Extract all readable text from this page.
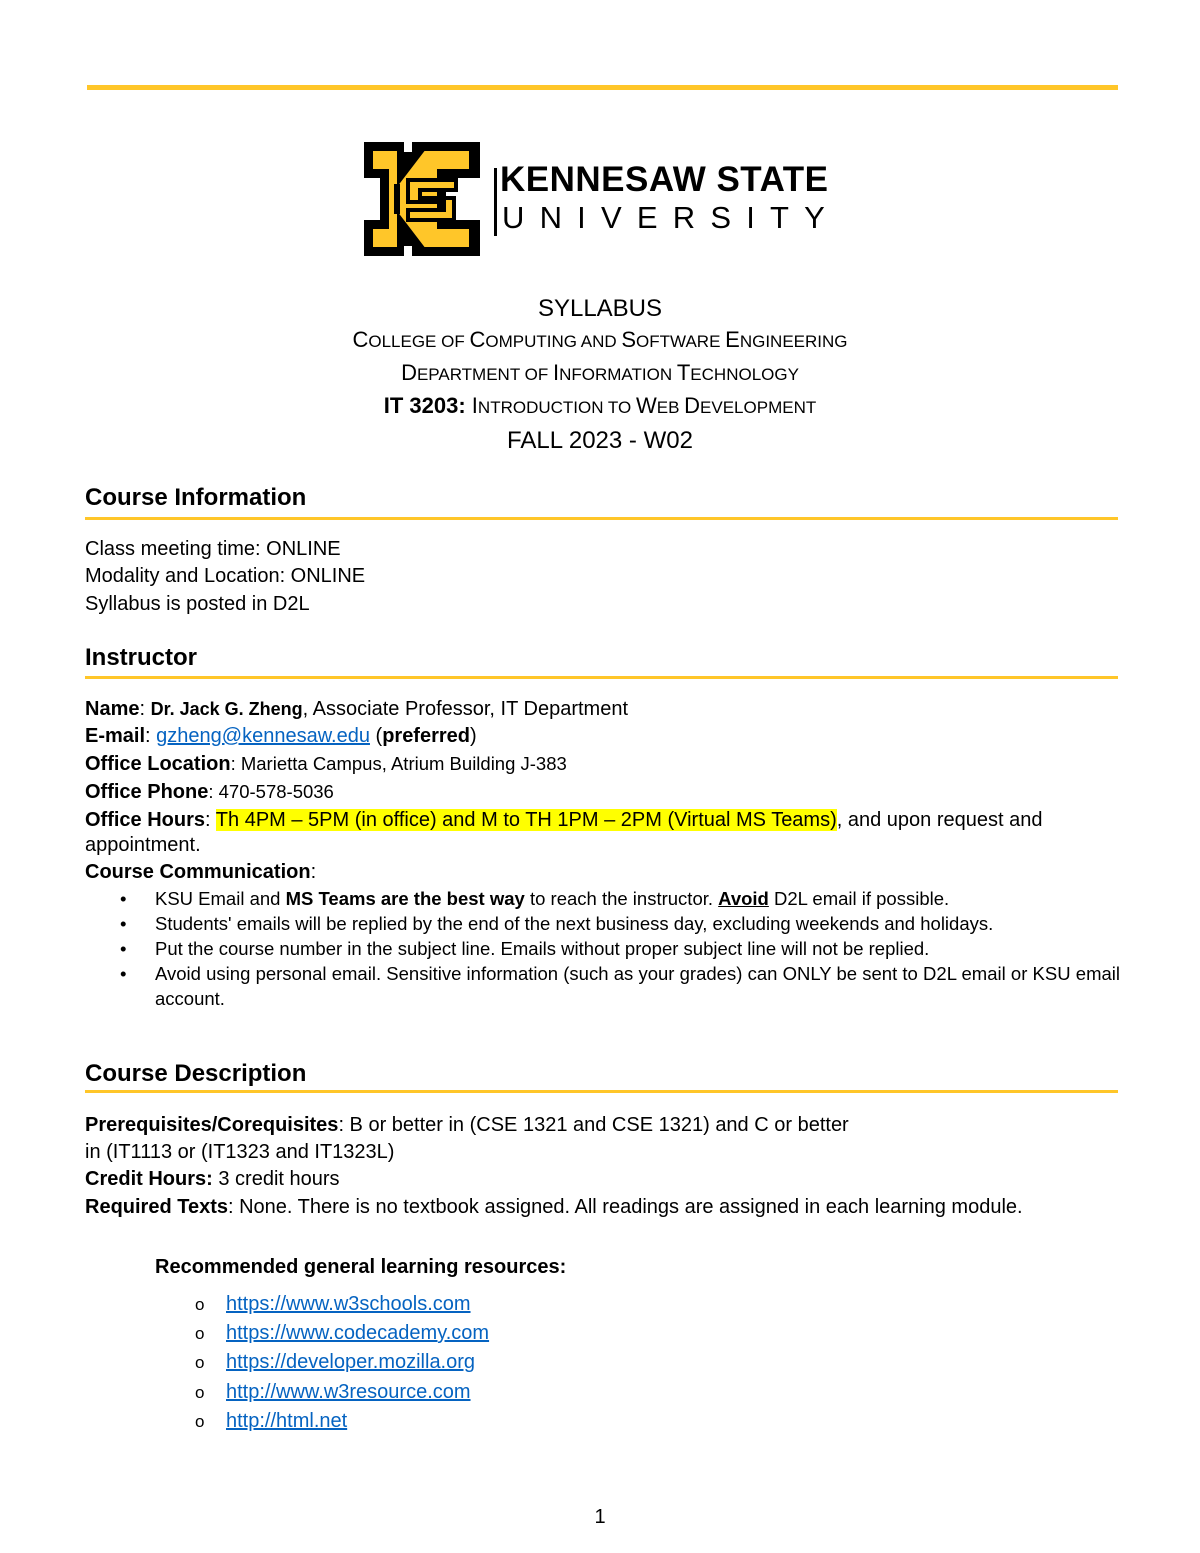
KENNESAW STATE
UNIVERSITY
SYLLABUS
COLLEGE OF COMPUTING AND SOFTWARE ENGINEERING
DEPARTMENT OF INFORMATION TECHNOLOGY
IT 3203: INTRODUCTION TO WEB DEVELOPMENT
FALL 2023 - W02
Course Information

Class meeting time: ONLINE

Modality and Location: ONLINE

Syllabus is posted in D2L

Instructor

Name: Dr. Jack G. Zheng, Associate Professor, IT Department

E-mail: gzheng@kennesaw.edu (preferred)

Office Location: Marietta Campus, Atrium Building J-383

Office Phone: 470-578-5036

Office Hours: Th 4PM – 5PM (in office) and M to TH 1PM – 2PM (Virtual MS Teams), and upon request and appointment.

Course Communication:

• KSU Email and MS Teams are the best way to reach the instructor. Avoid D2L email if possible.
• Students' emails will be replied by the end of the next business day, excluding weekends and holidays.
• Put the course number in the subject line. Emails without proper subject line will not be replied.
• Avoid using personal email. Sensitive information (such as your grades) can ONLY be sent to D2L email or KSU email account.
Course Description

Prerequisites/Corequisites: B or better in (CSE 1321 and CSE 1321) and C or better

in (IT1113 or (IT1323 and IT1323L)

Credit Hours: 3 credit hours

Required Texts: None. There is no textbook assigned. All readings are assigned in each learning module.

Recommended general learning resources:
o https://www.w3schools.com
o https://www.codecademy.com
o https://developer.mozilla.org
o http://www.w3resource.com
o http://html.net
1
